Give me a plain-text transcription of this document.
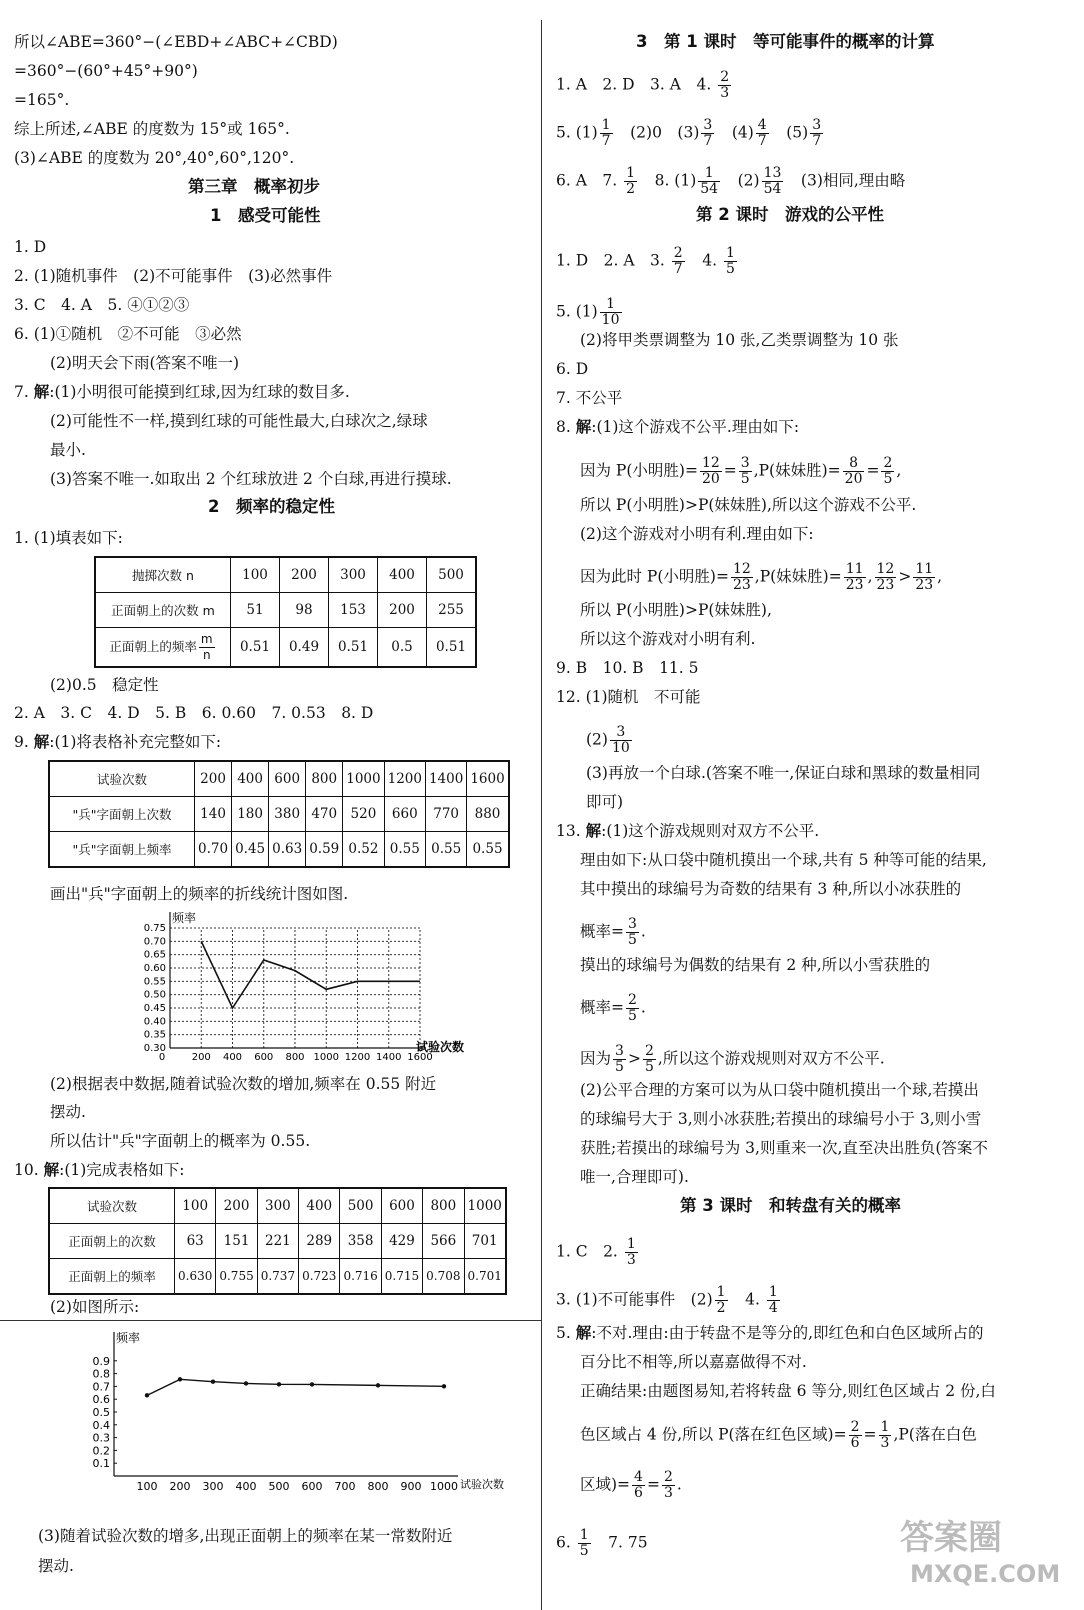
所以∠ABE=360°−(∠EBD+∠ABC+∠CBD)
=360°−(60°+45°+90°)
=165°.
综上所述,∠ABE 的度数为 15°或 165°.
(3)∠ABE 的度数为 20°,40°,60°,120°.
第三章　概率初步
1　感受可能性
1. D
2. (1)随机事件　(2)不可能事件　(3)必然事件
3. C　4. A　5. ④①②③
6. (1)①随机　②不可能　③必然
(2)明天会下雨(答案不唯一)
7. 解:(1)小明很可能摸到红球,因为红球的数目多.
(2)可能性不一样,摸到红球的可能性最大,白球次之,绿球
最小.
(3)答案不唯一.如取出 2 个红球放进 2 个白球,再进行摸球.
2　频率的稳定性
1. (1)填表如下:
抛掷次数 n	100	200	300	400	500
正面朝上的次数 m	51	98	153	200	255
正面朝上的频率 $\frac{m}{n}$	0.51	0.49	0.51	0.5	0.51
(2)0.5　稳定性
2. A　3. C　4. D　5. B　6. 0.60　7. 0.53　8. D
9. 解:(1)将表格补充完整如下:
试验次数	200	400	600	800	1000	1200	1400	1600
"兵"字面朝上次数	140	180	380	470	520	660	770	880
"兵"字面朝上频率	0.70	0.45	0.63	0.59	0.52	0.55	0.55	0.55
画出"兵"字面朝上的频率的折线统计图如图.
0.30
0.35
0.40
0.45
0.50
0.55
0.60
0.65
0.70
0.75
0	200 400 600 800 1000 1200 1400 1600
频率
试验次数
(2)根据表中数据,随着试验次数的增加,频率在 0.55 附近
摆动.
所以估计"兵"字面朝上的概率为 0.55.
10. 解:(1)完成表格如下:
试验次数	100	200	300	400	500	600	800	1000
正面朝上的次数	63	151	221	289	358	429	566	701
正面朝上的频率	0.630	0.755	0.737	0.723	0.716	0.715	0.708	0.701
(2)如图所示:
频率
试验次数
0.1
0.2
0.3
0.4
0.5
0.6
0.7
0.8
0.9
100 200 300 400 500 600 700 800 900 1000
(3)随着试验次数的增多,出现正面朝上的频率在某一常数附近
摆动.
3　第 1 课时　等可能事件的概率的计算
1. A　2. D　3. A　4. $\frac{2}{3}$
5. $(1) \frac{1}{7}$
　 (2)0　$(3) \frac{3}{7}$
　 $(4) \frac{4}{7}$
　 $(5) \frac{3}{7}$
6. A　7. $\frac{1}{2}$
　 8. $(1) \frac{1}{54}$
　 $(2) \frac{13}{54}$
　 (3)相同,理由略
第 2 课时　游戏的公平性
1. D　2. A　3. $\frac{2}{7}$
　 4. $\frac{1}{5}$
5. $(1) \frac{1}{10}$
(2)将甲类票调整为 10 张,乙类票调整为 10 张
6. D
7. 不公平
8. 解:(1)这个游戏不公平.理由如下:
因为 P(小明胜)= $\frac{12}{20} = \frac{3}{5} ,P$(妹妹胜)= $\frac{8}{20} = \frac{2}{5}$ ,
所以 P(小明胜)>P(妹妹胜),所以这个游戏不公平.
(2)这个游戏对小明有利.理由如下:
因为此时 P(小明胜)= $\frac{12}{23} ,P$(妹妹胜)= $\frac{11}{23}$ , $\frac{12}{23} > \frac{11}{23}$ ,
所以 P(小明胜)>P(妹妹胜),
所以这个游戏对小明有利.
9. B　10. B　11. 5
12. (1)随机　不可能
$(2) \frac{3}{10}$
(3)再放一个白球.(答案不唯一,保证白球和黑球的数量相同
即可)
13. 解:(1)这个游戏规则对双方不公平.
理由如下:从口袋中随机摸出一个球,共有 5 种等可能的结果,
其中摸出的球编号为奇数的结果有 3 种,所以小冰获胜的
概率= $\frac{3}{5}$ .
摸出的球编号为偶数的结果有 2 种,所以小雪获胜的
概率= $\frac{2}{5}$ .
因为 $\frac{3}{5} > \frac{2}{5}$ ,所以这个游戏规则对双方不公平.
(2)公平合理的方案可以为从口袋中随机摸出一个球,若摸出
的球编号大于 3,则小冰获胜;若摸出的球编号小于 3,则小雪
获胜;若摸出的球编号为 3,则重来一次,直至决出胜负(答案不
唯一,合理即可).
第 3 课时　和转盘有关的概率
1. C　2. $\frac{1}{3}$
3. (1)不可能事件　$(2) \frac{1}{2}$
　 4. $\frac{1}{4}$
5. 解:不对.理由:由于转盘不是等分的,即红色和白色区域所占的
百分比不相等,所以嘉嘉做得不对.
正确结果:由题图易知,若将转盘 6 等分,则红色区域占 2 份,白
色区域占 4 份,所以 P(落在红色区域)= $\frac{2}{6} = \frac{1}{3} ,P$(落在白色
区域)= $\frac{4}{6} = \frac{2}{3}$ .
6. $\frac{1}{5}$
　 7. 75	答案圈
MXQE.COM
